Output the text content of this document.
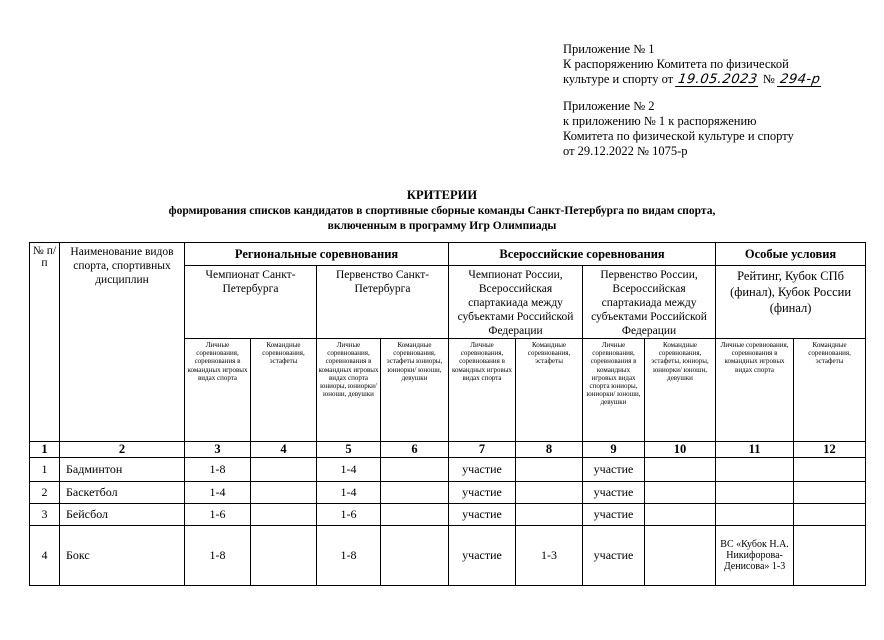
Приложение № 1
К распоряжению Комитета по физической
культуре и спорту от 19.05.2023 № 294-р
Приложение № 2
к приложению № 1 к распоряжению
Комитета по физической культуре и спорту
от 29.12.2022 № 1075-р
КРИТЕРИИ
формирования списков кандидатов в спортивные сборные команды Санкт-Петербурга по видам спорта,
включенным в программу Игр Олимпиады
№ п/п	Наименование видов спорта, спортивных дисциплин	Региональные соревнования				Всероссийские соревнования				Особые условия	
		Чемпионат Санкт-Петербурга		Первенство Санкт-Петербурга		Чемпионат России, Всероссийская спартакиада между субъектами Российской Федерации		Первенство России, Всероссийская спартакиада между субъектами Российской Федерации		Рейтинг, Кубок СПб (финал), Кубок России (финал)	
		Личные соревнования, соревнования в командных игровых видах спорта	Командные соревнования, эстафеты	Личные соревнования, соревнования в командных игровых видах спорта юниоры, юниорки/ юноши, девушки	Командные соревнования, эстафеты юниоры, юниорки/ юноши, девушки	Личные соревнования, соревнования в командных игровых видах спорта	Командные соревнования, эстафеты	Личные соревнования, соревнования в командных игровых видах спорта юниоры, юниорки/ юноши, девушки	Командные соревнования, эстафеты, юниоры, юниорки/ юноши, девушки	Личные соревнования, соревнования в командных игровых видах спорта	Командные соревнования, эстафеты
1	2	3	4	5	6	7	8	9	10	11	12
1	Бадминтон	1-8		1-4		участие		участие			
2	Баскетбол	1-4		1-4		участие		участие			
3	Бейсбол	1-6		1-6		участие		участие			
4	Бокс	1-8		1-8		участие	1-3	участие		ВС «Кубок Н.А. Никифорова-Денисова» 1-3	
